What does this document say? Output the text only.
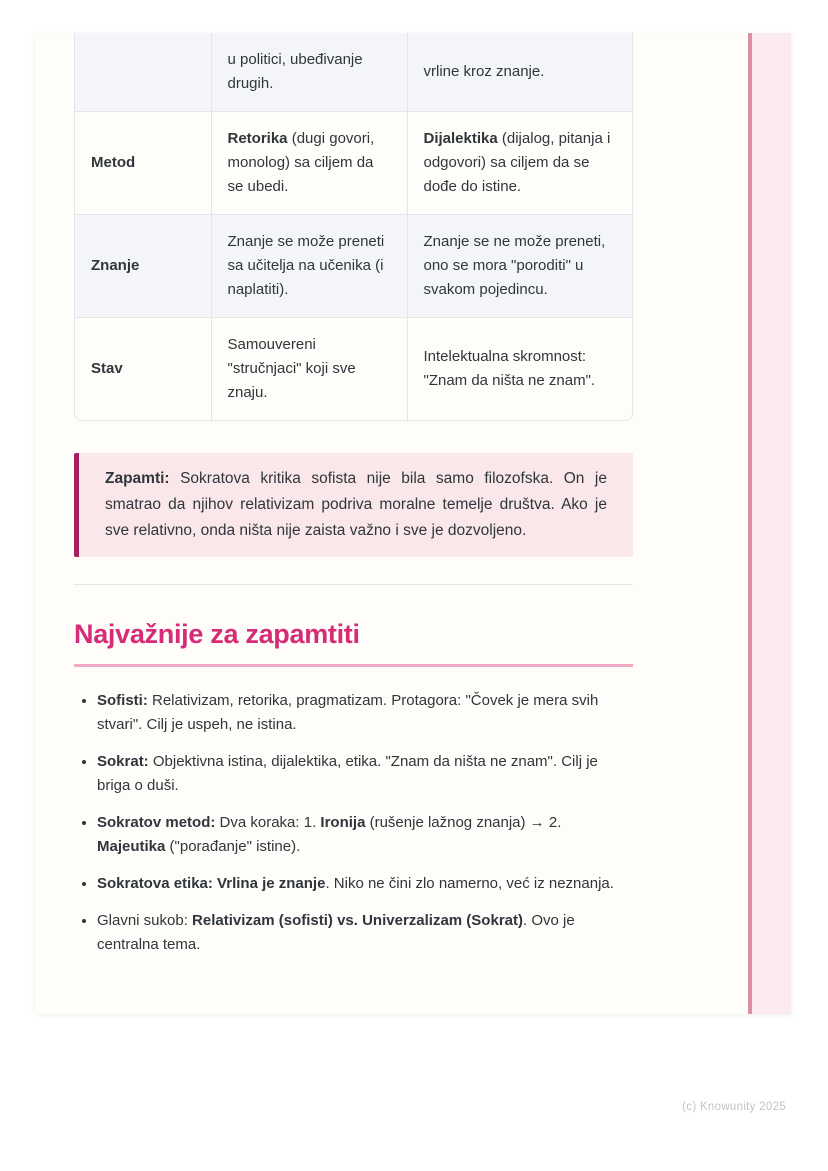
	u politici, ubeđivanje drugih.	vrline kroz znanje.
Metod	Retorika (dugi govori, monolog) sa ciljem da se ubedi.	Dijalektika (dijalog, pitanja i odgovori) sa ciljem da se dođe do istine.
Znanje	Znanje se može preneti sa učitelja na učenika (i naplatiti).	Znanje se ne može preneti, ono se mora "poroditi" u svakom pojedincu.
Stav	Samouvereni "stručnjaci" koji sve znaju.	Intelektualna skromnost: "Znam da ništa ne znam".

Zapamti: Sokratova kritika sofista nije bila samo filozofska. On je smatrao da njihov relativizam podriva moralne temelje društva. Ako je sve relativno, onda ništa nije zaista važno i sve je dozvoljeno.

Najvažnije za zapamtiti
• Sofisti: Relativizam, retorika, pragmatizam. Protagora: "Čovek je mera svih stvari". Cilj je uspeh, ne istina.
• Sokrat: Objektivna istina, dijalektika, etika. "Znam da ništa ne znam". Cilj je briga o duši.
• Sokratov metod: Dva koraka: 1. Ironija (rušenje lažnog znanja) → 2. Majeutika ("porađanje" istine).
• Sokratova etika: Vrlina je znanje. Niko ne čini zlo namerno, već iz neznanja.
• Glavni sukob: Relativizam (sofisti) vs. Univerzalizam (Sokrat). Ovo je centralna tema.
(c) Knowunity 2025
